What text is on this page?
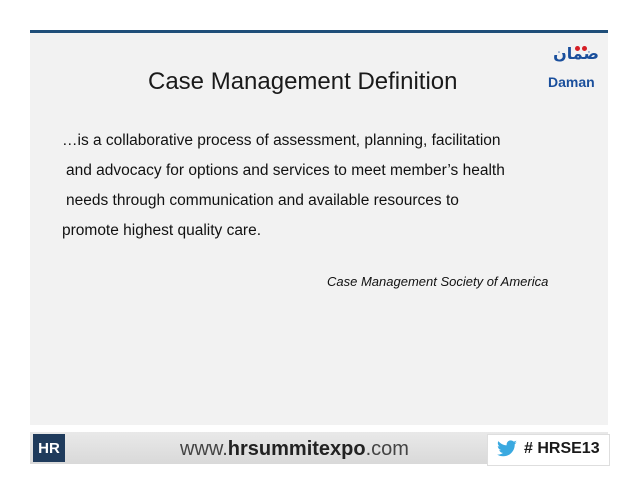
Case Management Definition
ضمان
Daman
…is a collaborative process of assessment, planning, facilitation
and advocacy for options and services to meet member’s health
needs through communication and available resources to
promote highest quality care.
Case Management Society of America
HR	www.hrsummitexpo.com	# HRSE13
